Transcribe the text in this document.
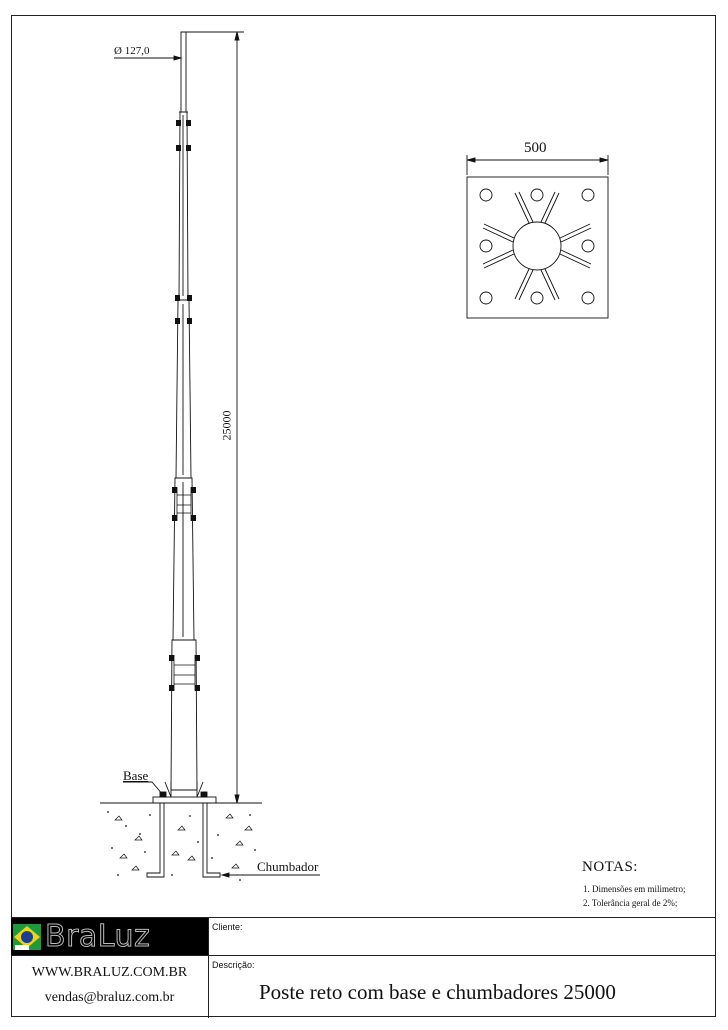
Ø 127,0
25000
500
Base
Chumbador	NOTAS:
1. Dimensões em milimetro;
2. Tolerância geral de 2%;
BraLuz
WWW.BRALUZ.COM.BR
vendas@braluz.com.br
Cliente:
Descrição:
Poste reto com base e chumbadores 25000
